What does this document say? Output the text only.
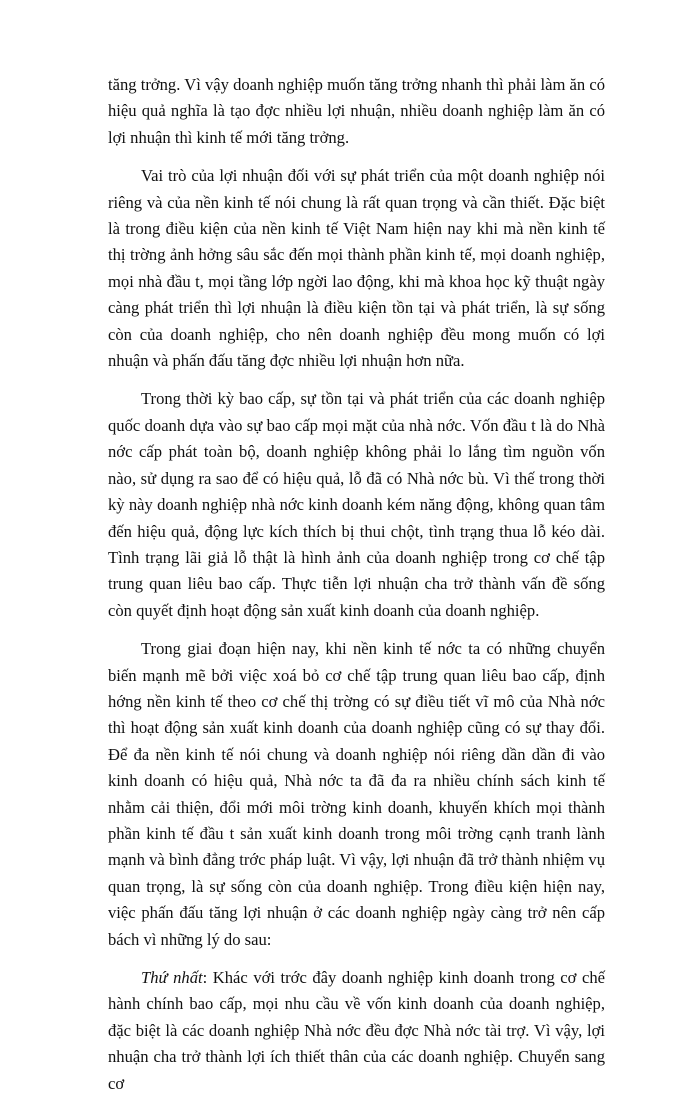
tăng trởng. Vì vậy doanh nghiệp muốn tăng trởng nhanh thì phải làm ăn có hiệu quả nghĩa là tạo đợc nhiều lợi nhuận, nhiều doanh nghiệp làm ăn có lợi nhuận thì kinh tế mới tăng trởng.

Vai trò của lợi nhuận đối với sự phát triển của một doanh nghiệp nói riêng và của nền kinh tế nói chung là rất quan trọng và cần thiết. Đặc biệt là trong điều kiện của nền kinh tế Việt Nam hiện nay khi mà nền kinh tế thị trờng ảnh hởng sâu sắc đến mọi thành phần kinh tế, mọi doanh nghiệp, mọi nhà đầu t, mọi tầng lớp ngời lao động, khi mà khoa học kỹ thuật ngày càng phát triển thì lợi nhuận là điều kiện tồn tại và phát triển, là sự sống còn của doanh nghiệp, cho nên doanh nghiệp đều mong muốn có lợi nhuận và phấn đấu tăng đợc nhiều lợi nhuận hơn nữa.

Trong thời kỳ bao cấp, sự tồn tại và phát triển của các doanh nghiệp quốc doanh dựa vào sự bao cấp mọi mặt của nhà nớc. Vốn đầu t là do Nhà nớc cấp phát toàn bộ, doanh nghiệp không phải lo lắng tìm nguồn vốn nào, sử dụng ra sao để có hiệu quả, lỗ đã có Nhà nớc bù. Vì thế trong thời kỳ này doanh nghiệp nhà nớc kinh doanh kém năng động, không quan tâm đến hiệu quả, động lực kích thích bị thui chột, tình trạng thua lỗ kéo dài. Tình trạng lãi giả lỗ thật là hình ảnh của doanh nghiệp trong cơ chế tập trung quan liêu bao cấp. Thực tiễn lợi nhuận cha trở thành vấn đề sống còn quyết định hoạt động sản xuất kinh doanh của doanh nghiệp.

Trong giai đoạn hiện nay, khi nền kinh tế nớc ta có những chuyển biến mạnh mẽ bởi việc xoá bỏ cơ chế tập trung quan liêu bao cấp, định hớng nền kinh tế theo cơ chế thị trờng có sự điều tiết vĩ mô của Nhà nớc thì hoạt động sản xuất kinh doanh của doanh nghiệp cũng có sự thay đổi. Để đa nền kinh tế nói chung và doanh nghiệp nói riêng dần dần đi vào kinh doanh có hiệu quả, Nhà nớc ta đã đa ra nhiều chính sách kinh tế nhằm cải thiện, đổi mới môi trờng kinh doanh, khuyến khích mọi thành phần kinh tế đầu t sản xuất kinh doanh trong môi trờng cạnh tranh lành mạnh và bình đẳng trớc pháp luật. Vì vậy, lợi nhuận đã trở thành nhiệm vụ quan trọng, là sự sống còn của doanh nghiệp. Trong điều kiện hiện nay, việc phấn đấu tăng lợi nhuận ở các doanh nghiệp ngày càng trở nên cấp bách vì những lý do sau:

Thứ nhất: Khác với trớc đây doanh nghiệp kinh doanh trong cơ chế hành chính bao cấp, mọi nhu cầu về vốn kinh doanh của doanh nghiệp, đặc biệt là các doanh nghiệp Nhà nớc đều đợc Nhà nớc tài trợ. Vì vậy, lợi nhuận cha trở thành lợi ích thiết thân của các doanh nghiệp. Chuyển sang cơ
